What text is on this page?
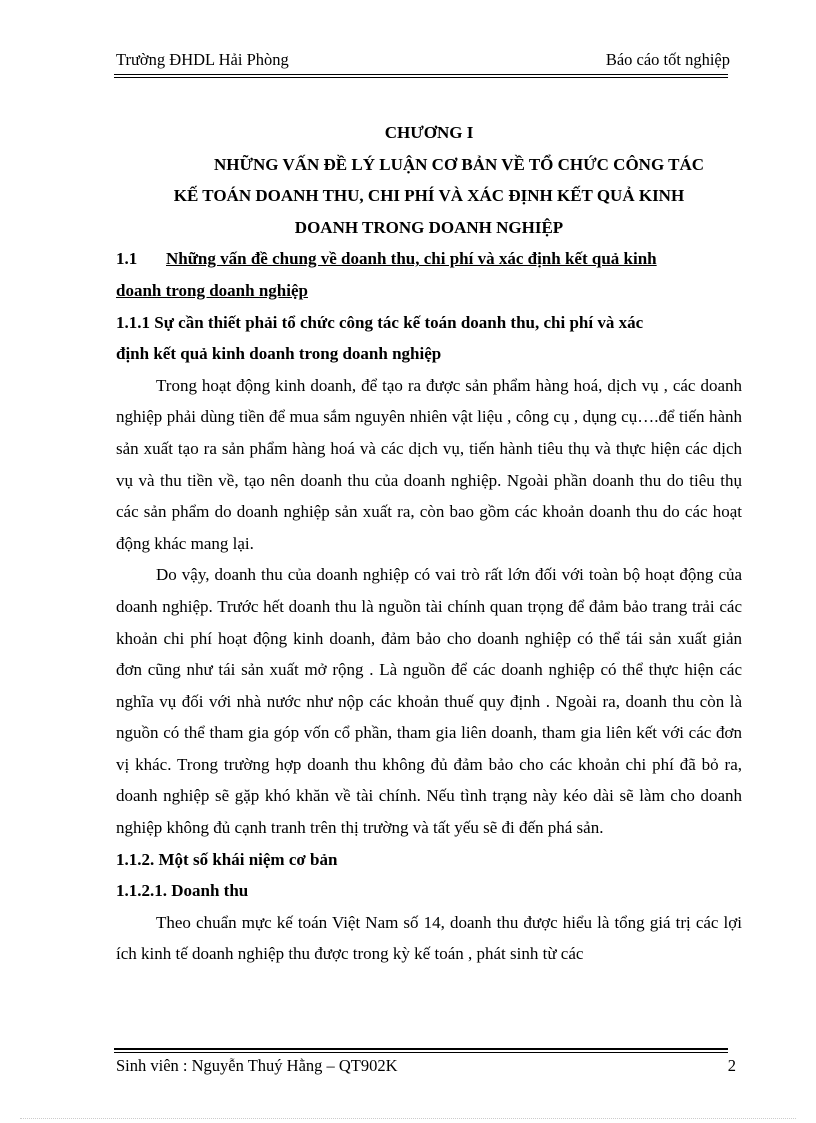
Trường ĐHDL Hải Phòng	Báo cáo tốt nghiệp
CHƯƠNG I
NHỮNG VẤN ĐỀ LÝ LUẬN CƠ BẢN VỀ TỔ CHỨC CÔNG TÁC
KẾ TOÁN DOANH THU, CHI PHÍ VÀ XÁC ĐỊNH KẾT QUẢ KINH
DOANH TRONG DOANH NGHIỆP
1.1	Những vấn đề chung về doanh thu, chi phí và xác định kết quả kinh
doanh trong doanh nghiệp
1.1.1 Sự cần thiết phải tổ chức công tác kế toán doanh thu, chi phí và xác
định kết quả kinh doanh trong doanh nghiệp

Trong hoạt động kinh doanh, để tạo ra được sản phẩm hàng hoá, dịch vụ , các doanh nghiệp phải dùng tiền để mua sắm nguyên nhiên vật liệu , công cụ , dụng cụ….để tiến hành sản xuất tạo ra sản phẩm hàng hoá và các dịch vụ, tiến hành tiêu thụ và thực hiện các dịch vụ và thu tiền về, tạo nên doanh thu của doanh nghiệp. Ngoài phần doanh thu do tiêu thụ các sản phẩm do doanh nghiệp sản xuất ra, còn bao gồm các khoản doanh thu do các hoạt động khác mang lại.

Do vậy, doanh thu của doanh nghiệp có vai trò rất lớn đối với toàn bộ hoạt động của doanh nghiệp. Trước hết doanh thu là nguồn tài chính quan trọng để đảm bảo trang trải các khoản chi phí hoạt động kinh doanh, đảm bảo cho doanh nghiệp có thể tái sản xuất giản đơn cũng như tái sản xuất mở rộng . Là nguồn để các doanh nghiệp có thể thực hiện các nghĩa vụ đối với nhà nước như nộp các khoản thuế quy định . Ngoài ra, doanh thu còn là nguồn có thể tham gia góp vốn cổ phần, tham gia liên doanh, tham gia liên kết với các đơn vị khác. Trong trường hợp doanh thu không đủ đảm bảo cho các khoản chi phí đã bỏ ra, doanh nghiệp sẽ gặp khó khăn về tài chính. Nếu tình trạng này kéo dài sẽ làm cho doanh nghiệp không đủ cạnh tranh trên thị trường và tất yếu sẽ đi đến phá sản.

1.1.2. Một số khái niệm cơ bản
1.1.2.1. Doanh thu

Theo chuẩn mực kế toán Việt Nam số 14, doanh thu được hiểu là tổng giá trị các lợi ích kinh tế doanh nghiệp thu được trong kỳ kế toán , phát sinh từ các

Sinh viên : Nguyễn Thuý Hằng – QT902K	2
